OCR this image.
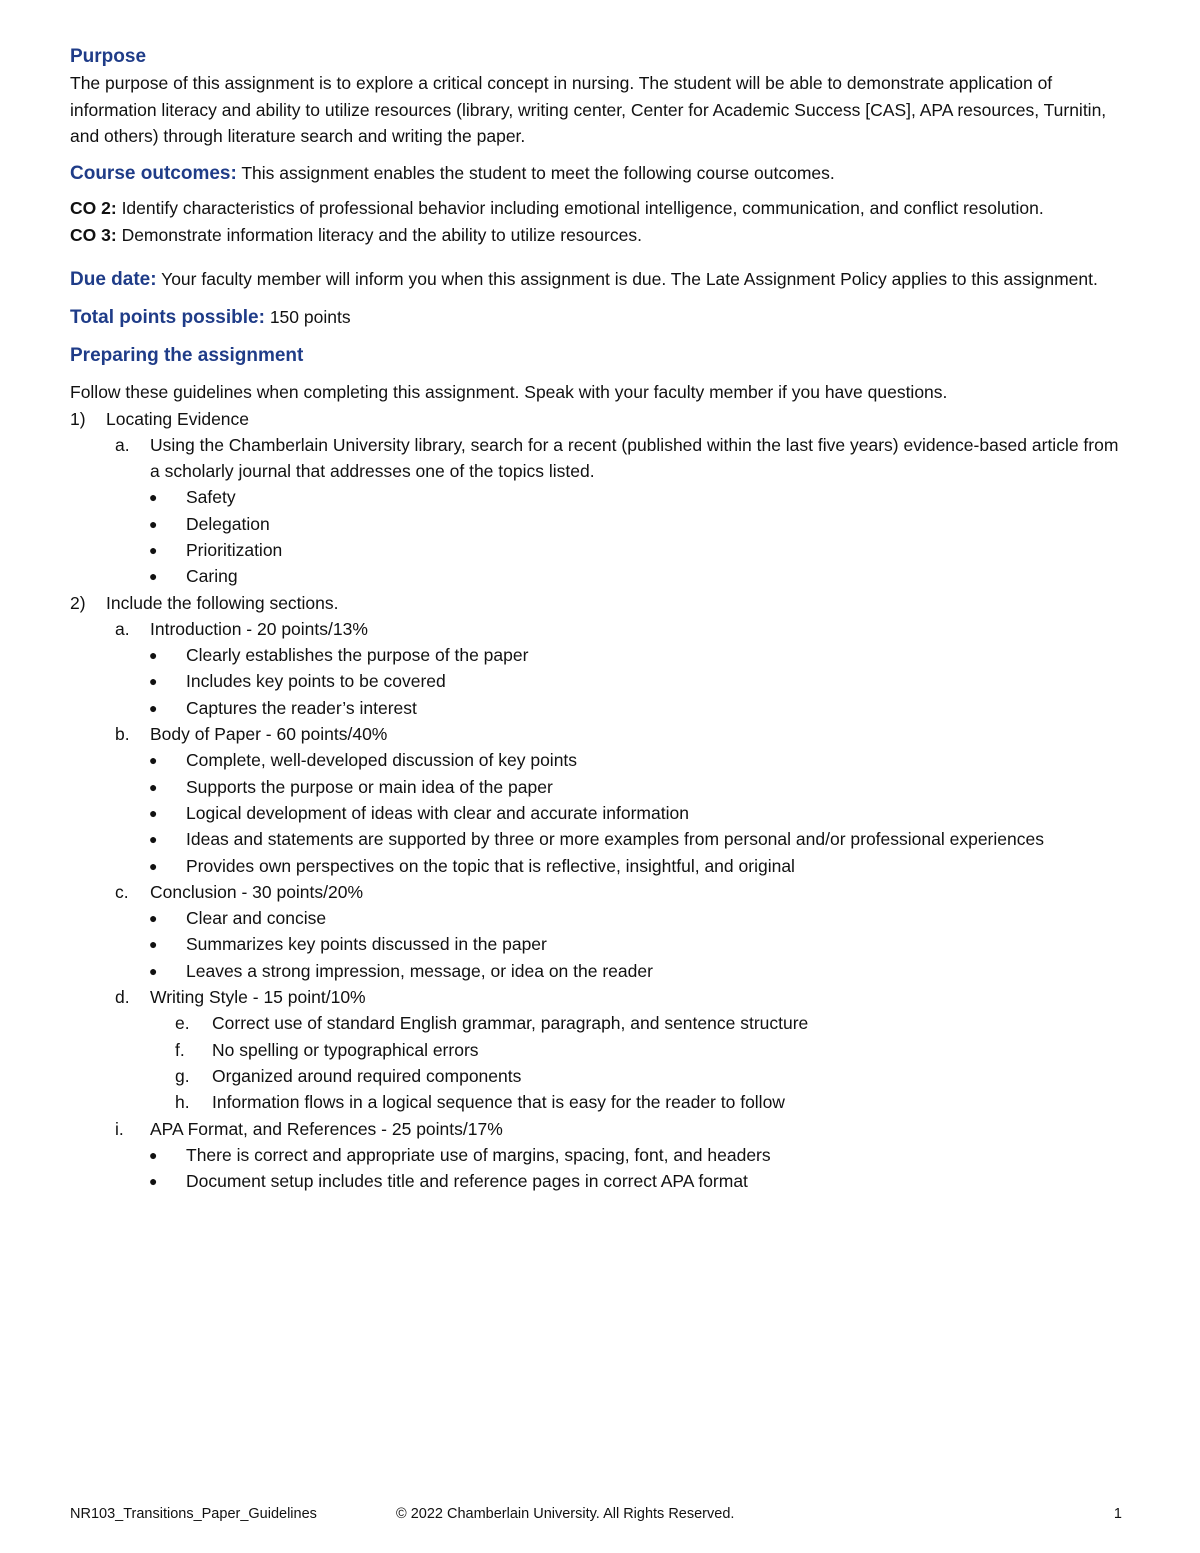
Purpose

The purpose of this assignment is to explore a critical concept in nursing. The student will be able to demonstrate application of information literacy and ability to utilize resources (library, writing center, Center for Academic Success [CAS], APA resources, Turnitin, and others) through literature search and writing the paper.

Course outcomes: This assignment enables the student to meet the following course outcomes.

CO 2: Identify characteristics of professional behavior including emotional intelligence, communication, and conflict resolution.
CO 3: Demonstrate information literacy and the ability to utilize resources.

Due date: Your faculty member will inform you when this assignment is due. The Late Assignment Policy applies to this assignment.

Total points possible: 150 points

Preparing the assignment

Follow these guidelines when completing this assignment. Speak with your faculty member if you have questions.

1) Locating Evidence
a. Using the Chamberlain University library, search for a recent (published within the last five years) evidence-based article from a scholarly journal that addresses one of the topics listed.
● Safety
● Delegation
● Prioritization
● Caring
2) Include the following sections.
a. Introduction - 20 points/13%
● Clearly establishes the purpose of the paper
● Includes key points to be covered
● Captures the reader’s interest
b. Body of Paper - 60 points/40%
● Complete, well-developed discussion of key points
● Supports the purpose or main idea of the paper
● Logical development of ideas with clear and accurate information
● Ideas and statements are supported by three or more examples from personal and/or professional experiences
● Provides own perspectives on the topic that is reflective, insightful, and original
c. Conclusion - 30 points/20%
● Clear and concise
● Summarizes key points discussed in the paper
● Leaves a strong impression, message, or idea on the reader
d. Writing Style - 15 point/10%
e. Correct use of standard English grammar, paragraph, and sentence structure
f. No spelling or typographical errors
g. Organized around required components
h. Information flows in a logical sequence that is easy for the reader to follow
i. APA Format, and References - 25 points/17%
● There is correct and appropriate use of margins, spacing, font, and headers
● Document setup includes title and reference pages in correct APA format
NR103_Transitions_Paper_Guidelines	© 2022 Chamberlain University. All Rights Reserved.	1
